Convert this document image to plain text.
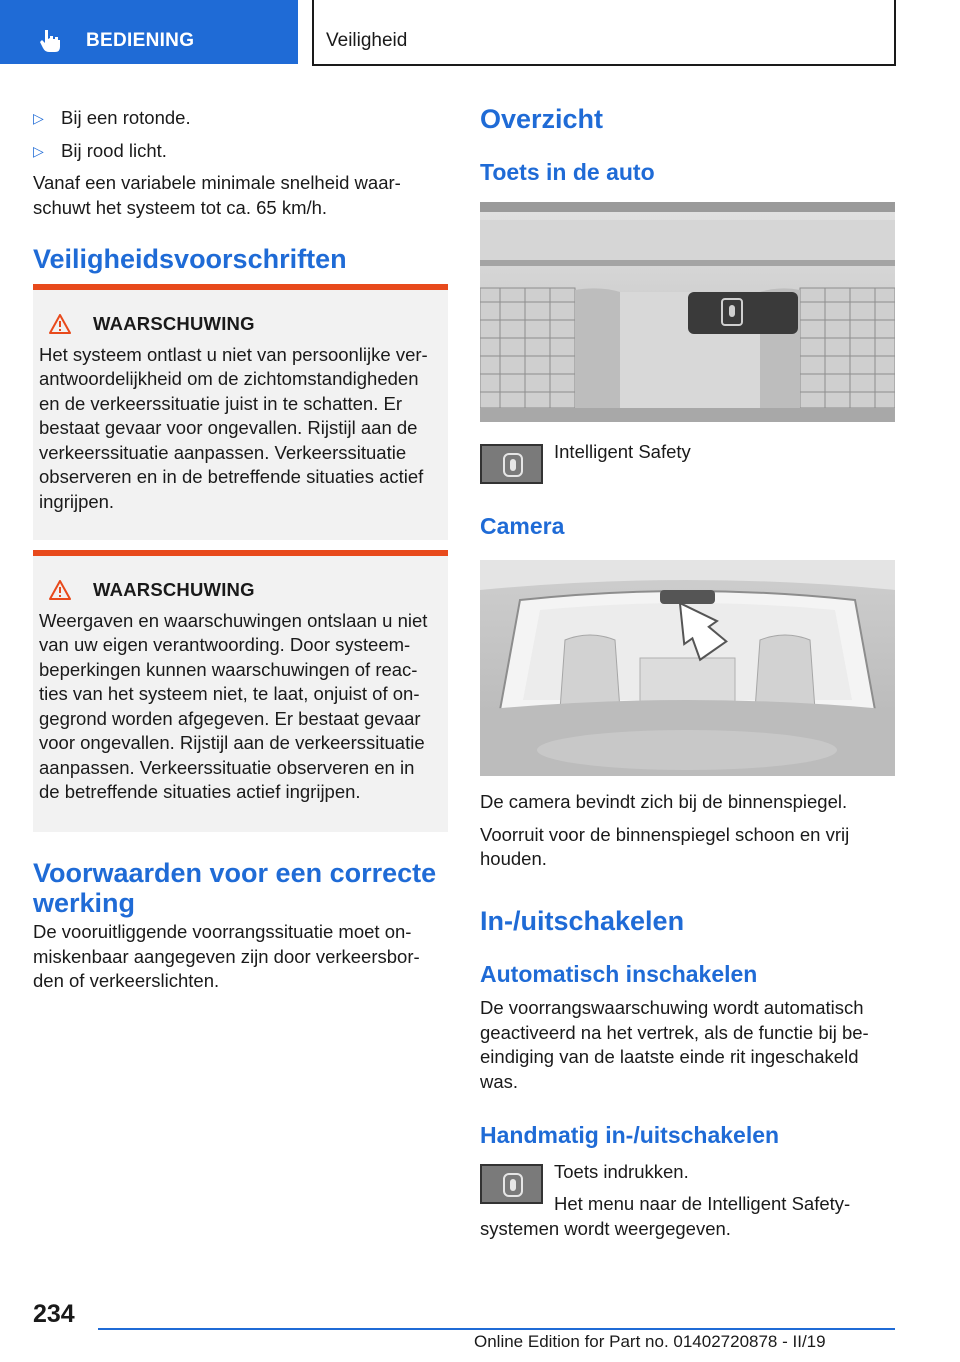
BEDIENING	Veiligheid
▷ Bij een rotonde.
▷ Bij rood licht.
Vanaf een variabele minimale snelheid waar-
schuwt het systeem tot ca. 65 km/h.
Veiligheidsvoorschriften
WAARSCHUWING
Het systeem ontlast u niet van persoonlijke ver-
antwoordelijkheid om de zichtomstandigheden
en de verkeerssituatie juist in te schatten. Er
bestaat gevaar voor ongevallen. Rijstijl aan de
verkeerssituatie aanpassen. Verkeerssituatie
observeren en in de betreffende situaties actief
ingrijpen.
WAARSCHUWING
Weergaven en waarschuwingen ontslaan u niet
van uw eigen verantwoording. Door systeem-
beperkingen kunnen waarschuwingen of reac-
ties van het systeem niet, te laat, onjuist of on-
gegrond worden afgegeven. Er bestaat gevaar
voor ongevallen. Rijstijl aan de verkeerssituatie
aanpassen. Verkeerssituatie observeren en in
de betreffende situaties actief ingrijpen.
Voorwaarden voor een correcte
werking
De vooruitliggende voorrangssituatie moet on-
miskenbaar aangegeven zijn door verkeersbor-
den of verkeerslichten.
Overzicht
Toets in de auto
Intelligent Safety
Camera
De camera bevindt zich bij de binnenspiegel.
Voorruit voor de binnenspiegel schoon en vrij
houden.
In-/uitschakelen
Automatisch inschakelen
De voorrangswaarschuwing wordt automatisch
geactiveerd na het vertrek, als de functie bij be-
eindiging van de laatste einde rit ingeschakeld
was.
Handmatig in-/uitschakelen
Toets indrukken.
Het menu naar de Intelligent Safety-
systemen wordt weergegeven.
234
Online Edition for Part no. 01402720878 - II/19
